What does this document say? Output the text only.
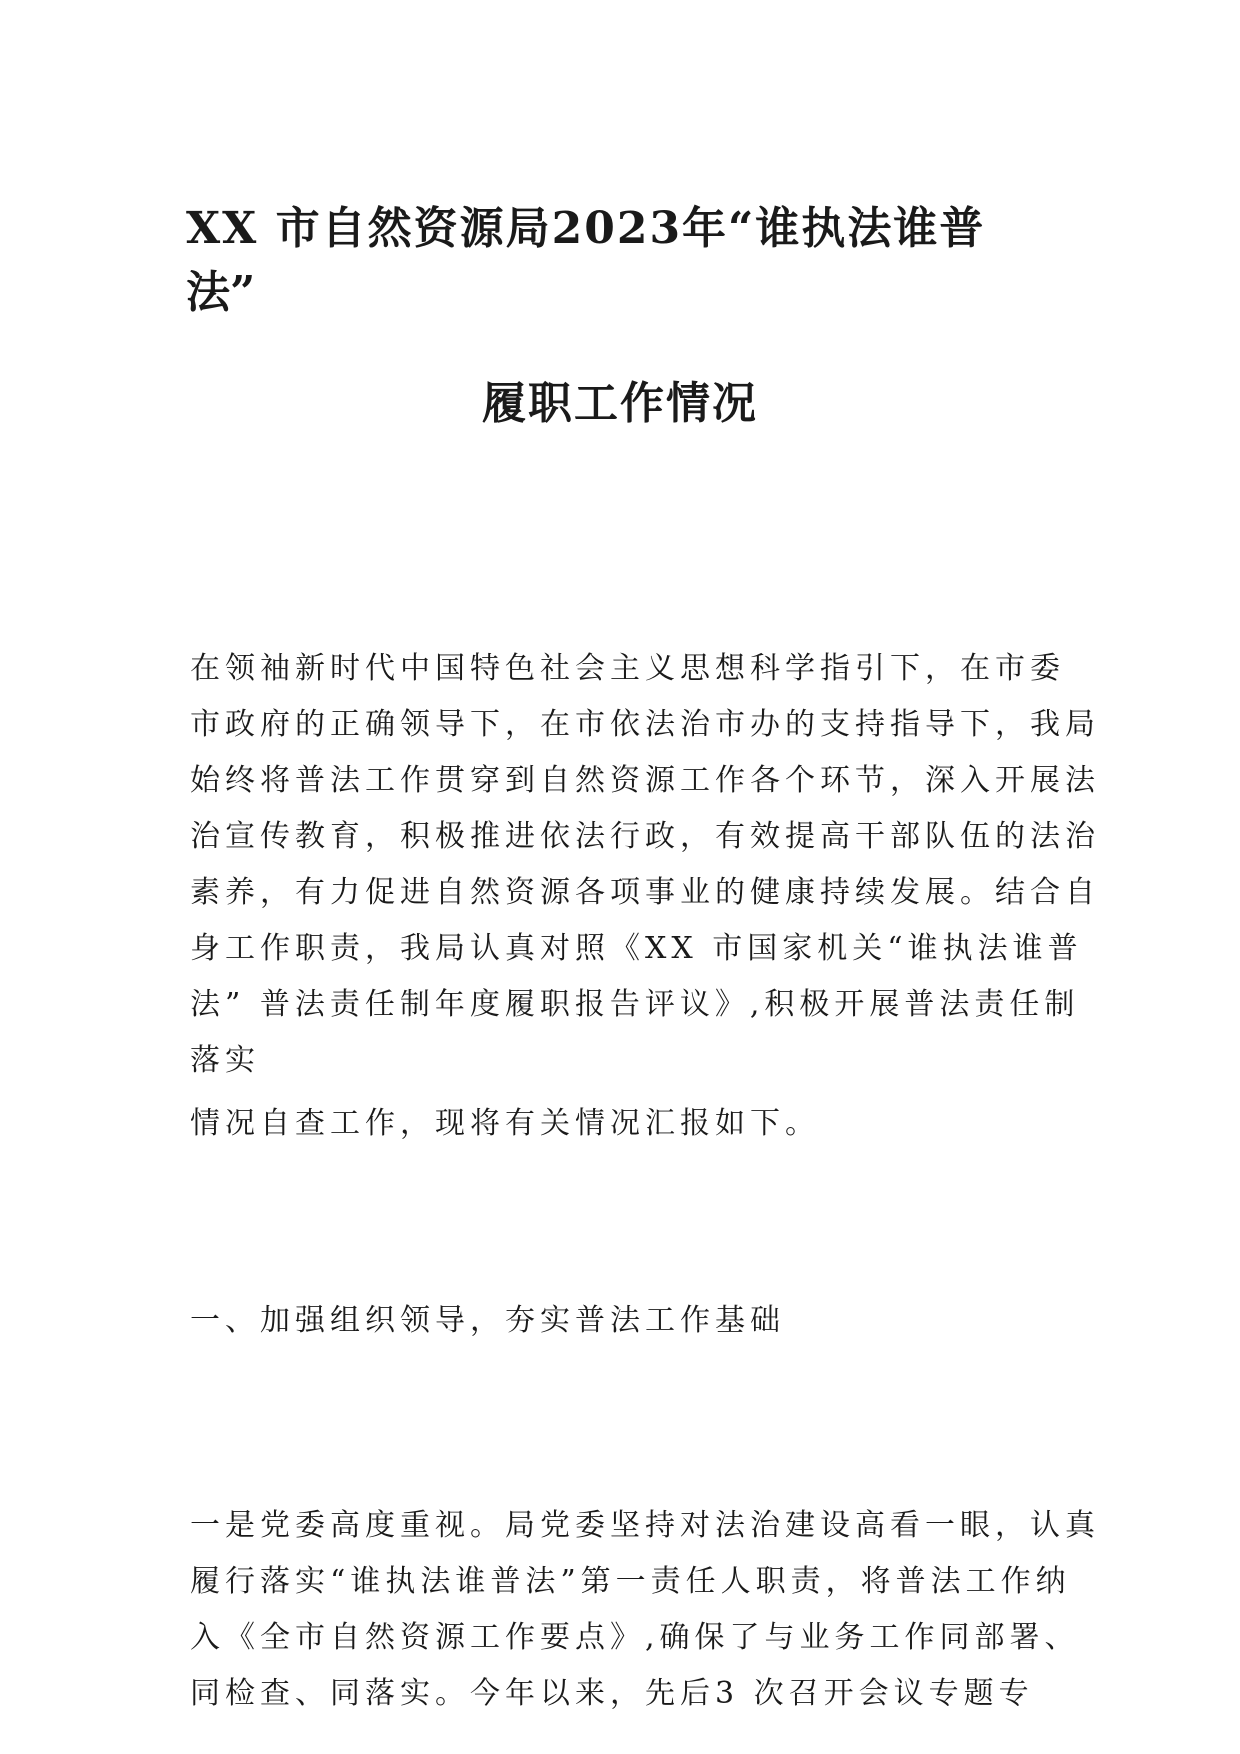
XX 市自然资源局2023年“谁执法谁普
法”
履职工作情况
在领袖新时代中国特色社会主义思想科学指引下，在市委
市政府的正确领导下，在市依法治市办的支持指导下，我局
始终将普法工作贯穿到自然资源工作各个环节，深入开展法
治宣传教育，积极推进依法行政，有效提高干部队伍的法治
素养，有力促进自然资源各项事业的健康持续发展。结合自
身工作职责，我局认真对照《XX 市国家机关“谁执法谁普
法” 普法责任制年度履职报告评议》,积极开展普法责任制
落实
情况自查工作，现将有关情况汇报如下。
一、加强组织领导，夯实普法工作基础
一是党委高度重视。局党委坚持对法治建设高看一眼，认真
履行落实“谁执法谁普法”第一责任人职责，将普法工作纳
入《全市自然资源工作要点》,确保了与业务工作同部署、
同检查、同落实。今年以来，先后3 次召开会议专题专
